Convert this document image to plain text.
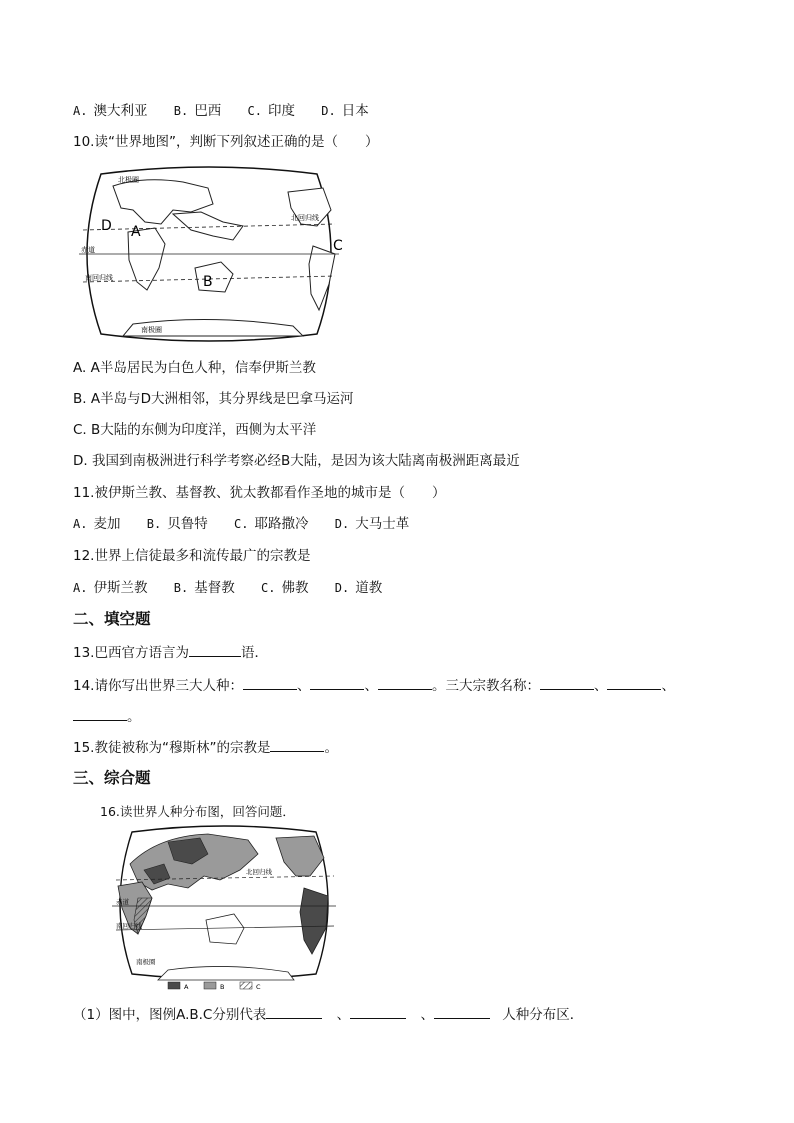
A. 澳大利亚 B. 巴西 C. 印度 D. 日本
10.读“世界地图”，判断下列叙述正确的是（　　）
北极圈
北回归线
赤道
南回归线
南极圈
D A
B
C
A. A半岛居民为白色人种，信奉伊斯兰教
B. A半岛与D大洲相邻，其分界线是巴拿马运河
C. B大陆的东侧为印度洋，西侧为太平洋
D. 我国到南极洲进行科学考察必经B大陆，是因为该大陆离南极洲距离最近
11.被伊斯兰教、基督教、犹太教都看作圣地的城市是（　　）
A. 麦加 B. 贝鲁特 C. 耶路撒冷 D. 大马士革
12.世界上信徒最多和流传最广的宗教是
A. 伊斯兰教 B. 基督教 C. 佛教 D. 道教
二、填空题
13.巴西官方语言为	语．
14.请你写出世界三大人种：	、	、	。三大宗教名称：	、	、
。
15.教徒被称为“穆斯林”的宗教是	。
三、综合题
16.读世界人种分布图，回答问题．
北回归线
赤道
南回归线
南极圈
A	B	C
（1）图中，图例A.B.C分别代表	、	、	人种分布区．
